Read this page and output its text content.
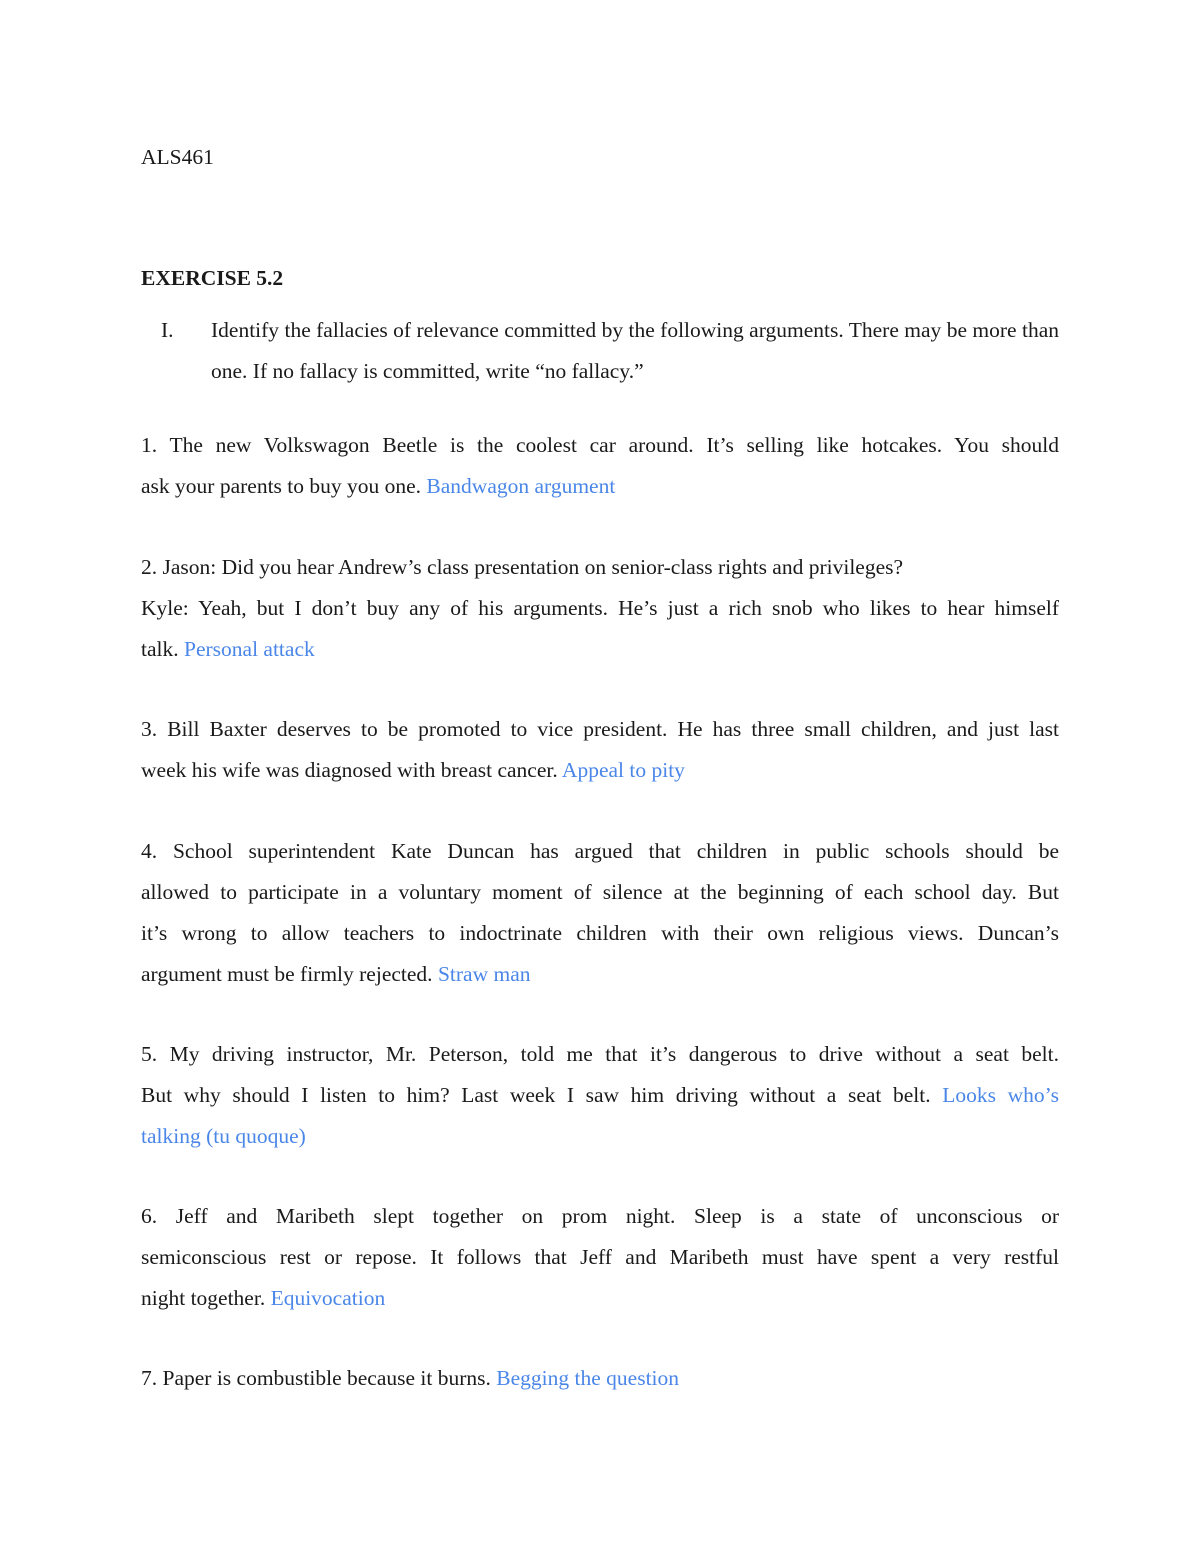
ALS461

EXERCISE 5.2
I. Identify the fallacies of relevance committed by the following arguments. There may be more than one. If no fallacy is committed, write “no fallacy.”
1. The new Volkswagon Beetle is the coolest car around. It’s selling like hotcakes. You should
ask your parents to buy you one. Bandwagon argument
2. Jason: Did you hear Andrew’s class presentation on senior-class rights and privileges?
Kyle: Yeah, but I don’t buy any of his arguments. He’s just a rich snob who likes to hear himself
talk. Personal attack
3. Bill Baxter deserves to be promoted to vice president. He has three small children, and just last
week his wife was diagnosed with breast cancer. Appeal to pity
4. School superintendent Kate Duncan has argued that children in public schools should be
allowed to participate in a voluntary moment of silence at the beginning of each school day. But
it’s wrong to allow teachers to indoctrinate children with their own religious views. Duncan’s
argument must be firmly rejected. Straw man
5. My driving instructor, Mr. Peterson, told me that it’s dangerous to drive without a seat belt.
But why should I listen to him? Last week I saw him driving without a seat belt. Looks who’s
talking (tu quoque)
6. Jeff and Maribeth slept together on prom night. Sleep is a state of unconscious or
semiconscious rest or repose. It follows that Jeff and Maribeth must have spent a very restful
night together. Equivocation
7. Paper is combustible because it burns. Begging the question
